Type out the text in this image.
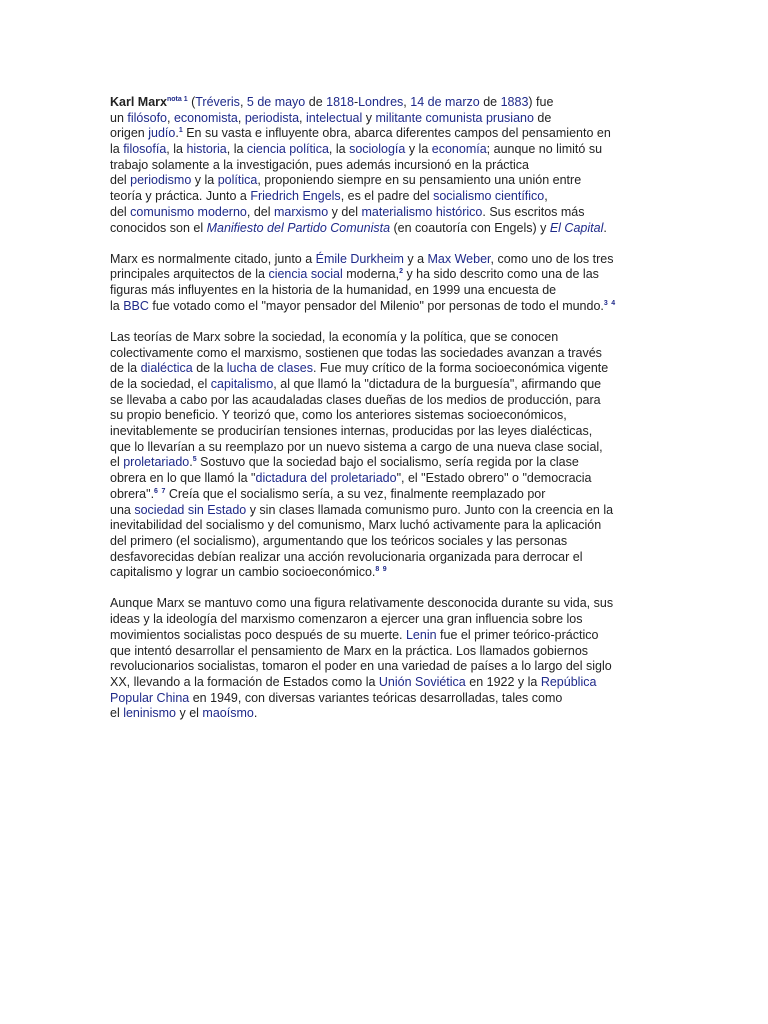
Karl Marx$^{nota 1}$ (Tréveris, 5 de mayo de 1818-Londres, 14 de marzo de 1883) fue
un filósofo, economista, periodista, intelectual y militante comunista prusiano de
origen judío.$^1$ En su vasta e influyente obra, abarca diferentes campos del pensamiento en
la filosofía, la historia, la ciencia política, la sociología y la economía; aunque no limitó su
trabajo solamente a la investigación, pues además incursionó en la práctica
del periodismo y la política, proponiendo siempre en su pensamiento una unión entre
teoría y práctica. Junto a Friedrich Engels, es el padre del socialismo científico,
del comunismo moderno, del marxismo y del materialismo histórico. Sus escritos más
conocidos son el Manifiesto del Partido Comunista (en coautoría con Engels) y El Capital.
Marx es normalmente citado, junto a Émile Durkheim y a Max Weber, como uno de los tres
principales arquitectos de la ciencia social moderna,$^2$ y ha sido descrito como una de las
figuras más influyentes en la historia de la humanidad, en 1999 una encuesta de
la BBC fue votado como el "mayor pensador del Milenio" por personas de todo el mundo.$^3$ $^4$
Las teorías de Marx sobre la sociedad, la economía y la política, que se conocen
colectivamente como el marxismo, sostienen que todas las sociedades avanzan a través
de la dialéctica de la lucha de clases. Fue muy crítico de la forma socioeconómica vigente
de la sociedad, el capitalismo, al que llamó la "dictadura de la burguesía", afirmando que
se llevaba a cabo por las acaudaladas clases dueñas de los medios de producción, para
su propio beneficio. Y teorizó que, como los anteriores sistemas socioeconómicos,
inevitablemente se producirían tensiones internas, producidas por las leyes dialécticas,
que lo llevarían a su reemplazo por un nuevo sistema a cargo de una nueva clase social,
el proletariado.$^5$ Sostuvo que la sociedad bajo el socialismo, sería regida por la clase
obrera en lo que llamó la "dictadura del proletariado", el "Estado obrero" o "democracia
obrera".$^6$ $^7$ Creía que el socialismo sería, a su vez, finalmente reemplazado por
una sociedad sin Estado y sin clases llamada comunismo puro. Junto con la creencia en la
inevitabilidad del socialismo y del comunismo, Marx luchó activamente para la aplicación
del primero (el socialismo), argumentando que los teóricos sociales y las personas
desfavorecidas debían realizar una acción revolucionaria organizada para derrocar el
capitalismo y lograr un cambio socioeconómico.$^8$ $^9$
Aunque Marx se mantuvo como una figura relativamente desconocida durante su vida, sus
ideas y la ideología del marxismo comenzaron a ejercer una gran influencia sobre los
movimientos socialistas poco después de su muerte. Lenin fue el primer teórico-práctico
que intentó desarrollar el pensamiento de Marx en la práctica. Los llamados gobiernos
revolucionarios socialistas, tomaron el poder en una variedad de países a lo largo del siglo
XX, llevando a la formación de Estados como la Unión Soviética en 1922 y la República
Popular China en 1949, con diversas variantes teóricas desarrolladas, tales como
el leninismo y el maoísmo.
